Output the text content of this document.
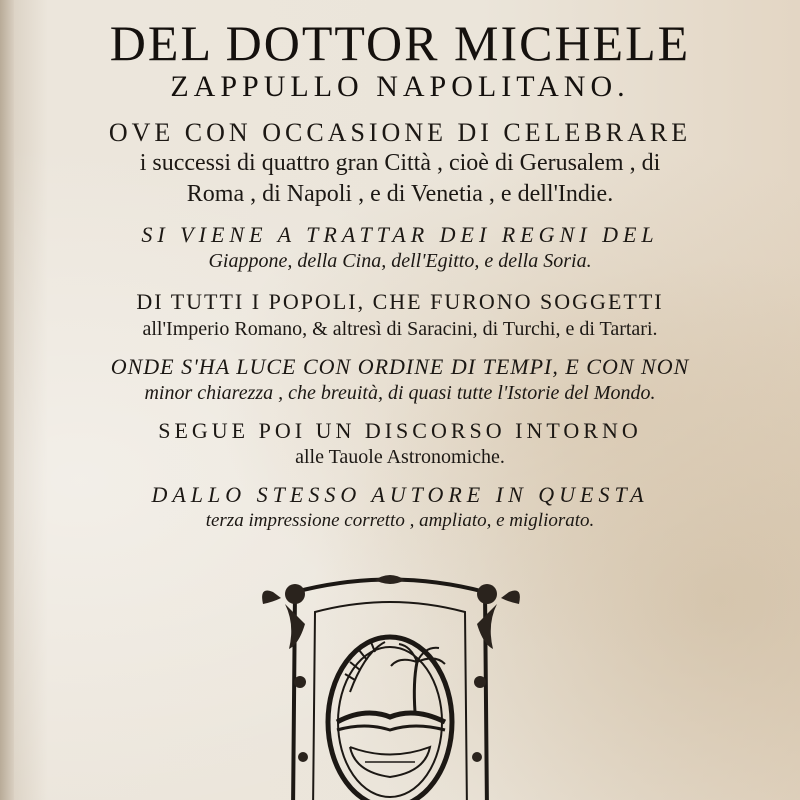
DEL DOTTOR MICHELE
ZAPPULLO NAPOLITANO.
OVE CON OCCASIONE DI CELEBRARE
i successi di quattro gran Città , cioè di Gerusalem , di
Roma , di Napoli , e di Venetia , e dell'Indie.
SI VIENE A TRATTAR DEI REGNI DEL
Giappone, della Cina, dell'Egitto, e della Soria.
DI TUTTI I POPOLI, CHE FURONO SOGGETTI
all'Imperio Romano, & altresì di Saracini, di Turchi, e di Tartari.
ONDE S'HA LUCE CON ORDINE DI TEMPI, E CON NON
minor chiarezza , che breuità, di quasi tutte l'Istorie del Mondo.
SEGUE POI UN DISCORSO INTORNO
alle Tauole Astronomiche.
DALLO STESSO AUTORE IN QUESTA
terza impressione corretto , ampliato, e migliorato.
